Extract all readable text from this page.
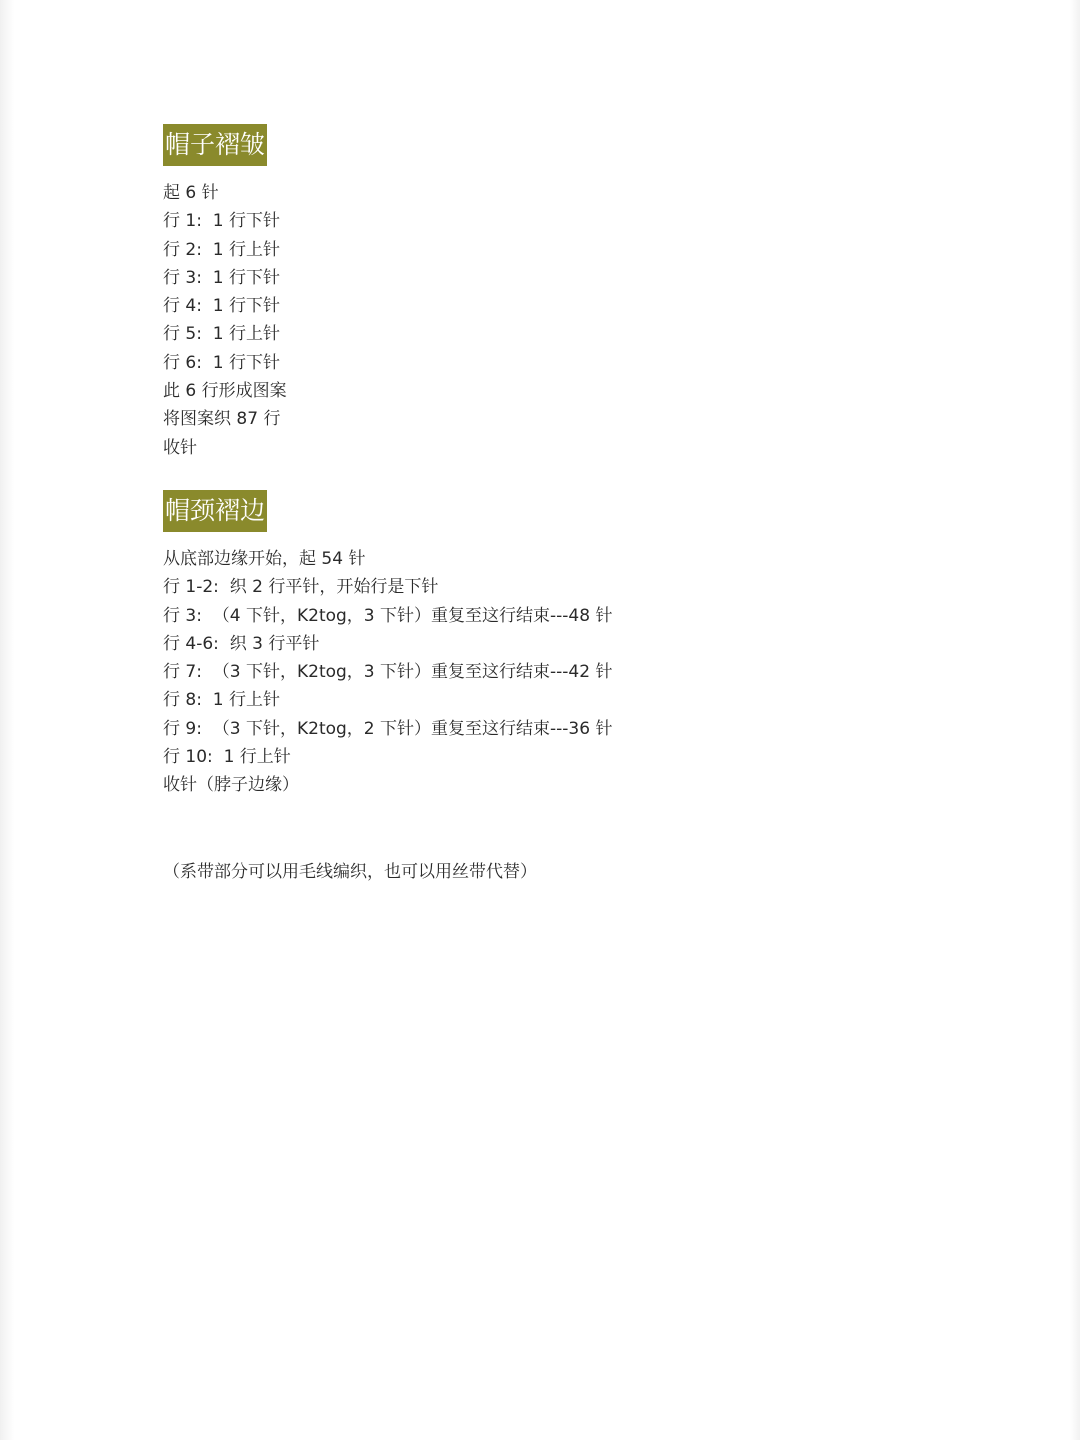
帽子褶皱
起 6 针
行 1:  1 行下针
行 2:  1 行上针
行 3:  1 行下针
行 4:  1 行下针
行 5:  1 行上针
行 6:  1 行下针
此 6 行形成图案
将图案织 87 行
收针
帽颈褶边
从底部边缘开始，起 54 针
行 1-2:  织 2 行平针，开始行是下针
行 3:  （4 下针，K2tog，3 下针）重复至这行结束---48 针
行 4-6:  织 3 行平针
行 7:  （3 下针，K2tog，3 下针）重复至这行结束---42 针
行 8:  1 行上针
行 9:  （3 下针，K2tog，2 下针）重复至这行结束---36 针
行 10:  1 行上针
收针（脖子边缘）
（系带部分可以用毛线编织，也可以用丝带代替）
